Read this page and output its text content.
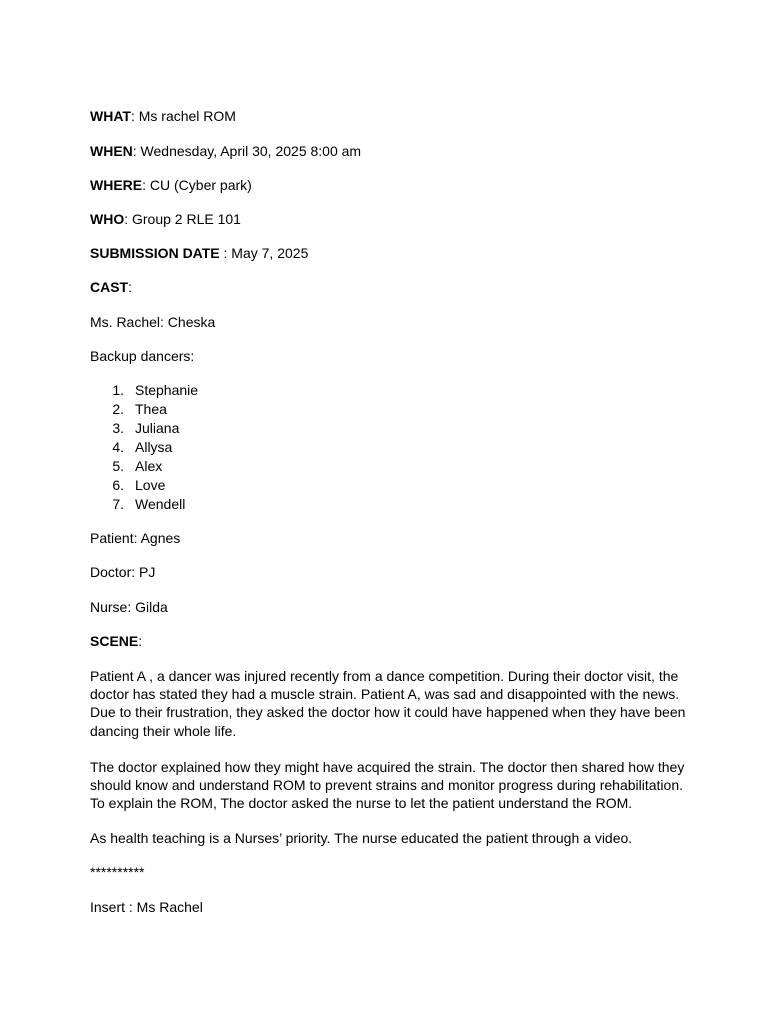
WHAT: Ms rachel ROM

WHEN: Wednesday, April 30, 2025 8:00 am

WHERE: CU (Cyber park)

WHO: Group 2 RLE 101

SUBMISSION DATE : May 7, 2025

CAST:

Ms. Rachel: Cheska

Backup dancers:

1. Stephanie

2. Thea

3. Juliana

4. Allysa

5. Alex

6. Love

7. Wendell

Patient: Agnes

Doctor: PJ

Nurse: Gilda

SCENE:

Patient A , a dancer was injured recently from a dance competition. During their doctor visit, the
doctor has stated they had a muscle strain. Patient A, was sad and disappointed with the news.
Due to their frustration, they asked the doctor how it could have happened when they have been
dancing their whole life.
The doctor explained how they might have acquired the strain. The doctor then shared how they
should know and understand ROM to prevent strains and monitor progress during rehabilitation.
To explain the ROM, The doctor asked the nurse to let the patient understand the ROM.

As health teaching is a Nurses’ priority. The nurse educated the patient through a video.

**********

Insert : Ms Rachel
